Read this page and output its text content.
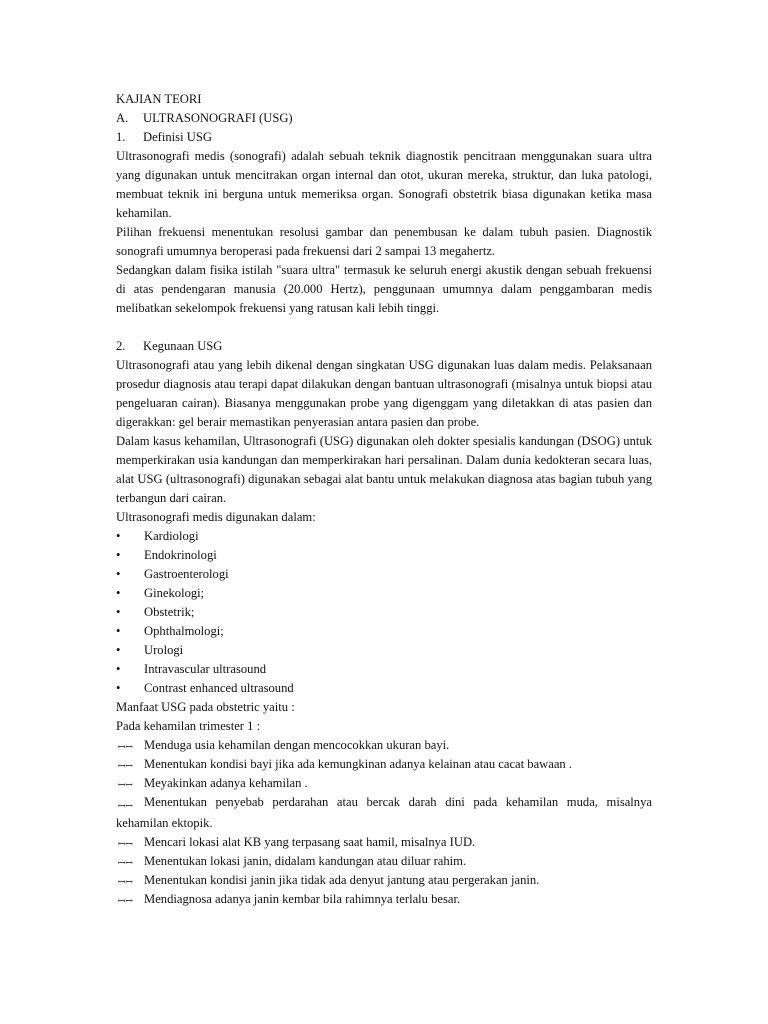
KAJIAN TEORI
A. ULTRASONOGRAFI (USG)
1. Definisi USG

Ultrasonografi medis (sonografi) adalah sebuah teknik diagnostik pencitraan menggunakan suara ultra yang digunakan untuk mencitrakan organ internal dan otot, ukuran mereka, struktur, dan luka patologi, membuat teknik ini berguna untuk memeriksa organ. Sonografi obstetrik biasa digunakan ketika masa kehamilan.

Pilihan frekuensi menentukan resolusi gambar dan penembusan ke dalam tubuh pasien. Diagnostik sonografi umumnya beroperasi pada frekuensi dari 2 sampai 13 megahertz.

Sedangkan dalam fisika istilah "suara ultra" termasuk ke seluruh energi akustik dengan sebuah frekuensi di atas pendengaran manusia (20.000 Hertz), penggunaan umumnya dalam penggambaran medis melibatkan sekelompok frekuensi yang ratusan kali lebih tinggi.

2. Kegunaan USG

Ultrasonografi atau yang lebih dikenal dengan singkatan USG digunakan luas dalam medis. Pelaksanaan prosedur diagnosis atau terapi dapat dilakukan dengan bantuan ultrasonografi (misalnya untuk biopsi atau pengeluaran cairan). Biasanya menggunakan probe yang digenggam yang diletakkan di atas pasien dan digerakkan: gel berair memastikan penyerasian antara pasien dan probe.

Dalam kasus kehamilan, Ultrasonografi (USG) digunakan oleh dokter spesialis kandungan (DSOG) untuk memperkirakan usia kandungan dan memperkirakan hari persalinan. Dalam dunia kedokteran secara luas, alat USG (ultrasonografi) digunakan sebagai alat bantu untuk melakukan diagnosa atas bagian tubuh yang terbangun dari cairan.

Ultrasonografi medis digunakan dalam:
•	Kardiologi
•	Endokrinologi
•	Gastroenterologi
•	Ginekologi;
•	Obstetrik;
•	Ophthalmologi;
•	Urologi
•	Intravascular ultrasound
•	Contrast enhanced ultrasound
Manfaat USG pada obstetric yaitu :
Pada kehamilan trimester 1 :
ꟷꟷ Menduga usia kehamilan dengan mencocokkan ukuran bayi.
ꟷꟷ Menentukan kondisi bayi jika ada kemungkinan adanya kelainan atau cacat bawaan .
ꟷꟷ Meyakinkan adanya kehamilan .
ꟷꟷ Menentukan penyebab perdarahan atau bercak darah dini pada kehamilan muda, misalnya kehamilan ektopik.
ꟷꟷ Mencari lokasi alat KB yang terpasang saat hamil, misalnya IUD.
ꟷꟷ Menentukan lokasi janin, didalam kandungan atau diluar rahim.
ꟷꟷ Menentukan kondisi janin jika tidak ada denyut jantung atau pergerakan janin.
ꟷꟷ Mendiagnosa adanya janin kembar bila rahimnya terlalu besar.
